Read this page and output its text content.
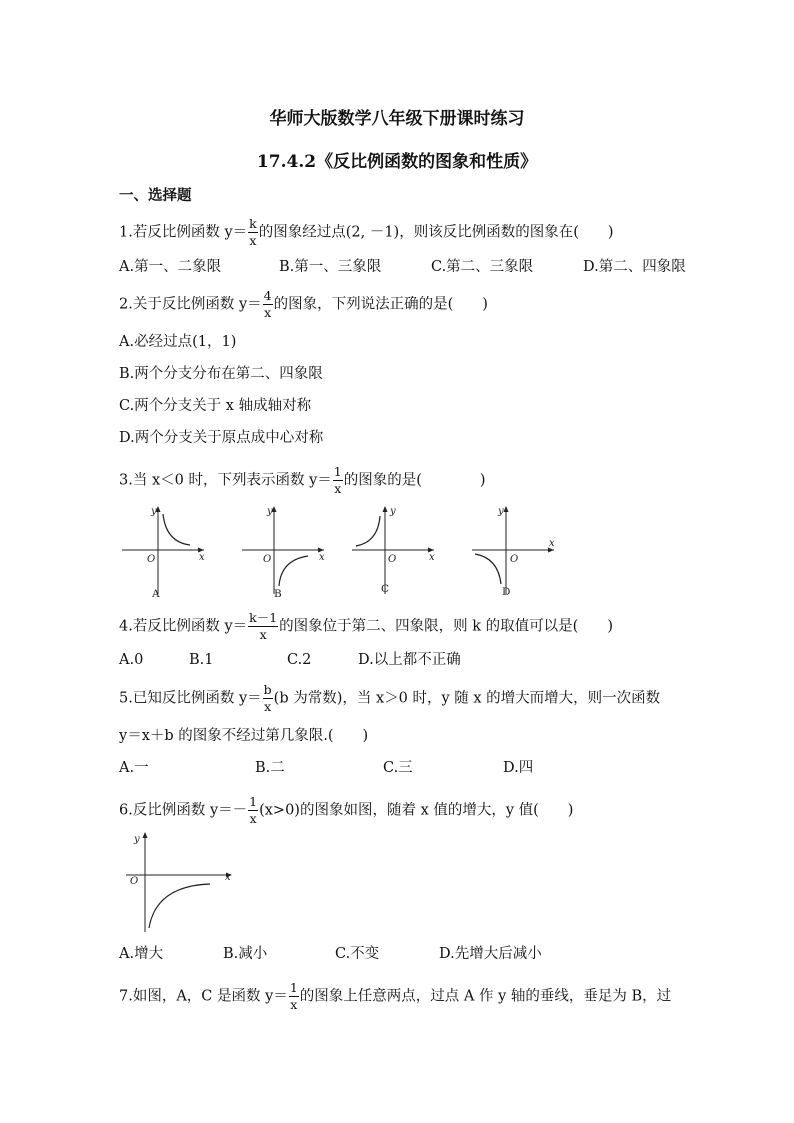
华师大版数学八年级下册课时练习
17.4.2《反比例函数的图象和性质》
一、选择题
1.若反比例函数 $y= \frac{k}{x}$ 的图象经过点(2, －1)，则该反比例函数的图象在(　　)
A.第一、二象限	B.第一、三象限	C.第二、三象限	D.第二、四象限
2.关于反比例函数 $y= \frac{4}{x}$ 的图象，下列说法正确的是(　　)
A.必经过点(1，1)
B.两个分支分布在第二、四象限
C.两个分支关于 x 轴成轴对称
D.两个分支关于原点成中心对称
3.当 x＜0 时，下列表示函数 $y= \frac{1}{x}$ 的图象的是(　　　　)
y
x
O
A
y
x
O
B
y
x
O
C
y
x
O
D
4.若反比例函数 $y= \frac{k-1}{x}$ 的图象位于第二、四象限，则 k 的取值可以是(　　)
A.0	B.1	C.2	D.以上都不正确
5.已知反比例函数 $y= \frac{b}{x} (b$ 为常数)，当 x＞0 时，y 随 x 的增大而增大，则一次函数
y＝x＋b 的图象不经过第几象限.(　　)
A.一	B.二	C.三	D.四
6.反比例函数 $y=- \frac{1}{x} (x>0)$的图象如图，随着 x 值的增大，y 值(　　)
y
x
O
A.增大	B.减小	C.不变	D.先增大后减小
7.如图，A，C 是函数 $y= \frac{1}{x}$ 的图象上任意两点，过点 A 作 y 轴的垂线，垂足为 B，过
